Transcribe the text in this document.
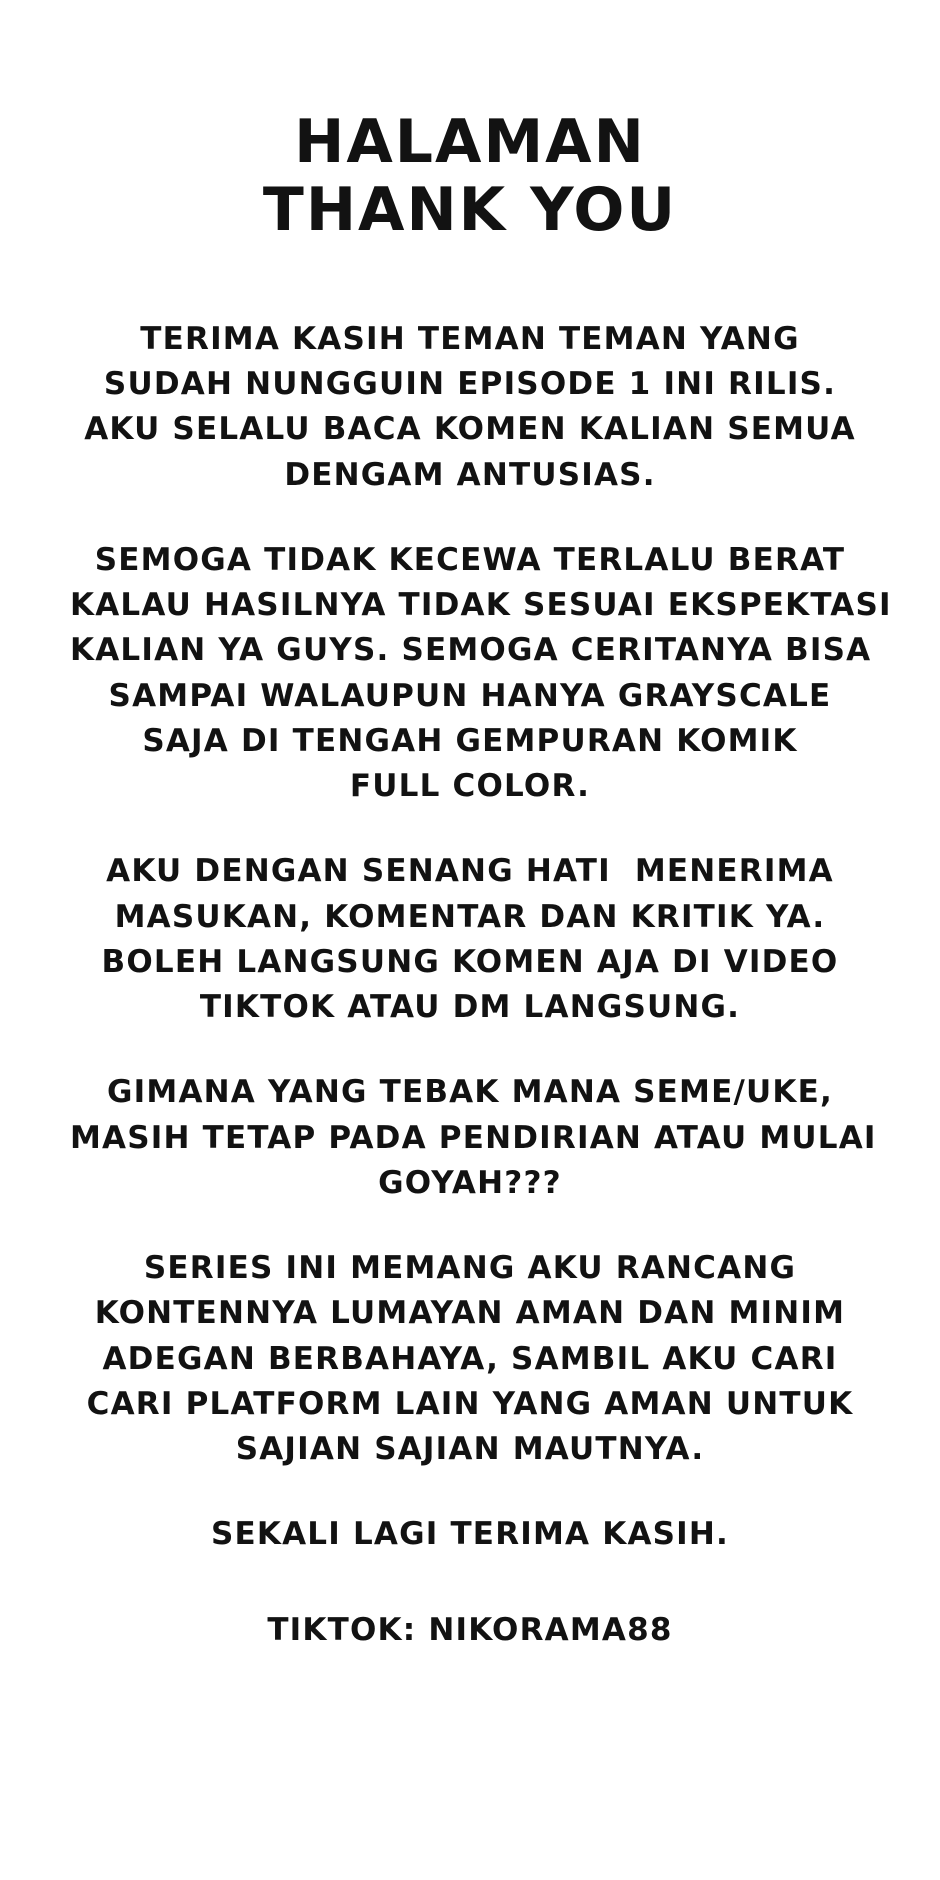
HALAMAN
THANK YOU

TERIMA KASIH TEMAN TEMAN YANG
SUDAH NUNGGUIN EPISODE 1 INI RILIS.
AKU SELALU BACA KOMEN KALIAN SEMUA
DENGAM ANTUSIAS.

SEMOGA TIDAK KECEWA TERLALU BERAT
KALAU HASILNYA TIDAK SESUAI EKSPEKTASI
KALIAN YA GUYS. SEMOGA CERITANYA BISA
SAMPAI WALAUPUN HANYA GRAYSCALE
SAJA DI TENGAH GEMPURAN KOMIK
FULL COLOR.

AKU DENGAN SENANG HATI  MENERIMA
MASUKAN, KOMENTAR DAN KRITIK YA.
BOLEH LANGSUNG KOMEN AJA DI VIDEO
TIKTOK ATAU DM LANGSUNG.

GIMANA YANG TEBAK MANA SEME/UKE,
MASIH TETAP PADA PENDIRIAN ATAU MULAI
GOYAH???

SERIES INI MEMANG AKU RANCANG
KONTENNYA LUMAYAN AMAN DAN MINIM
ADEGAN BERBAHAYA, SAMBIL AKU CARI
CARI PLATFORM LAIN YANG AMAN UNTUK
SAJIAN SAJIAN MAUTNYA.

SEKALI LAGI TERIMA KASIH.

TIKTOK: NIKORAMA88
